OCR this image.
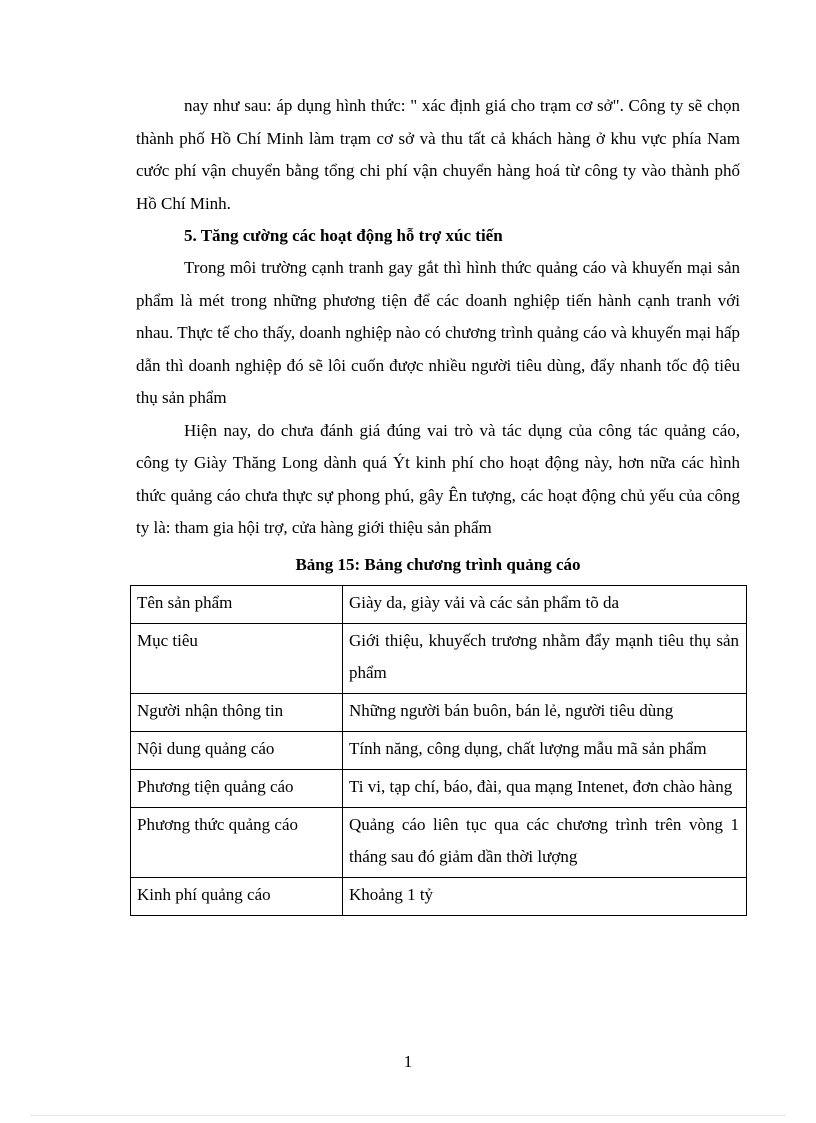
nay như sau: áp dụng hình thức: " xác định giá cho trạm cơ sở". Công ty sẽ chọn thành phố Hồ Chí Minh làm trạm cơ sở và thu tất cả khách hàng ở khu vực phía Nam cước phí vận chuyển bằng tổng chi phí vận chuyển hàng hoá từ công ty vào thành phố Hồ Chí Minh.

5. Tăng cường các hoạt động hỗ trợ xúc tiến

Trong môi trường cạnh tranh gay gắt thì hình thức quảng cáo và khuyến mại sản phẩm là mét trong những phương tiện để các doanh nghiệp tiến hành cạnh tranh với nhau. Thực tế cho thấy, doanh nghiệp nào có chương trình quảng cáo và khuyến mại hấp dẫn thì doanh nghiệp đó sẽ lôi cuốn được nhiều người tiêu dùng, đẩy nhanh tốc độ tiêu thụ sản phẩm

Hiện nay, do chưa đánh giá đúng vai trò và tác dụng của công tác quảng cáo, công ty Giày Thăng Long dành quá Ýt kinh phí cho hoạt động này, hơn nữa các hình thức quảng cáo chưa thực sự phong phú, gây Ên tượng, các hoạt động chủ yếu của công ty là: tham gia hội trợ, cửa hàng giới thiệu sản phẩm

Bảng 15: Bảng chương trình quảng cáo
Tên sản phẩm	Giày da, giày vải và các sản phẩm tõ da
Mục tiêu	Giới thiệu, khuyếch trương nhằm đẩy mạnh tiêu thụ sản phẩm
Người nhận thông tin	Những người bán buôn, bán lẻ, người tiêu dùng
Nội dung quảng cáo	Tính năng, công dụng, chất lượng mẫu mã sản phẩm
Phương tiện quảng cáo	Ti vi, tạp chí, báo, đài, qua mạng Intenet, đơn chào hàng
Phương thức quảng cáo	Quảng cáo liên tục qua các chương trình trên vòng 1 tháng sau đó giảm dần thời lượng
Kinh phí quảng cáo	Khoảng 1 tỷ
1
